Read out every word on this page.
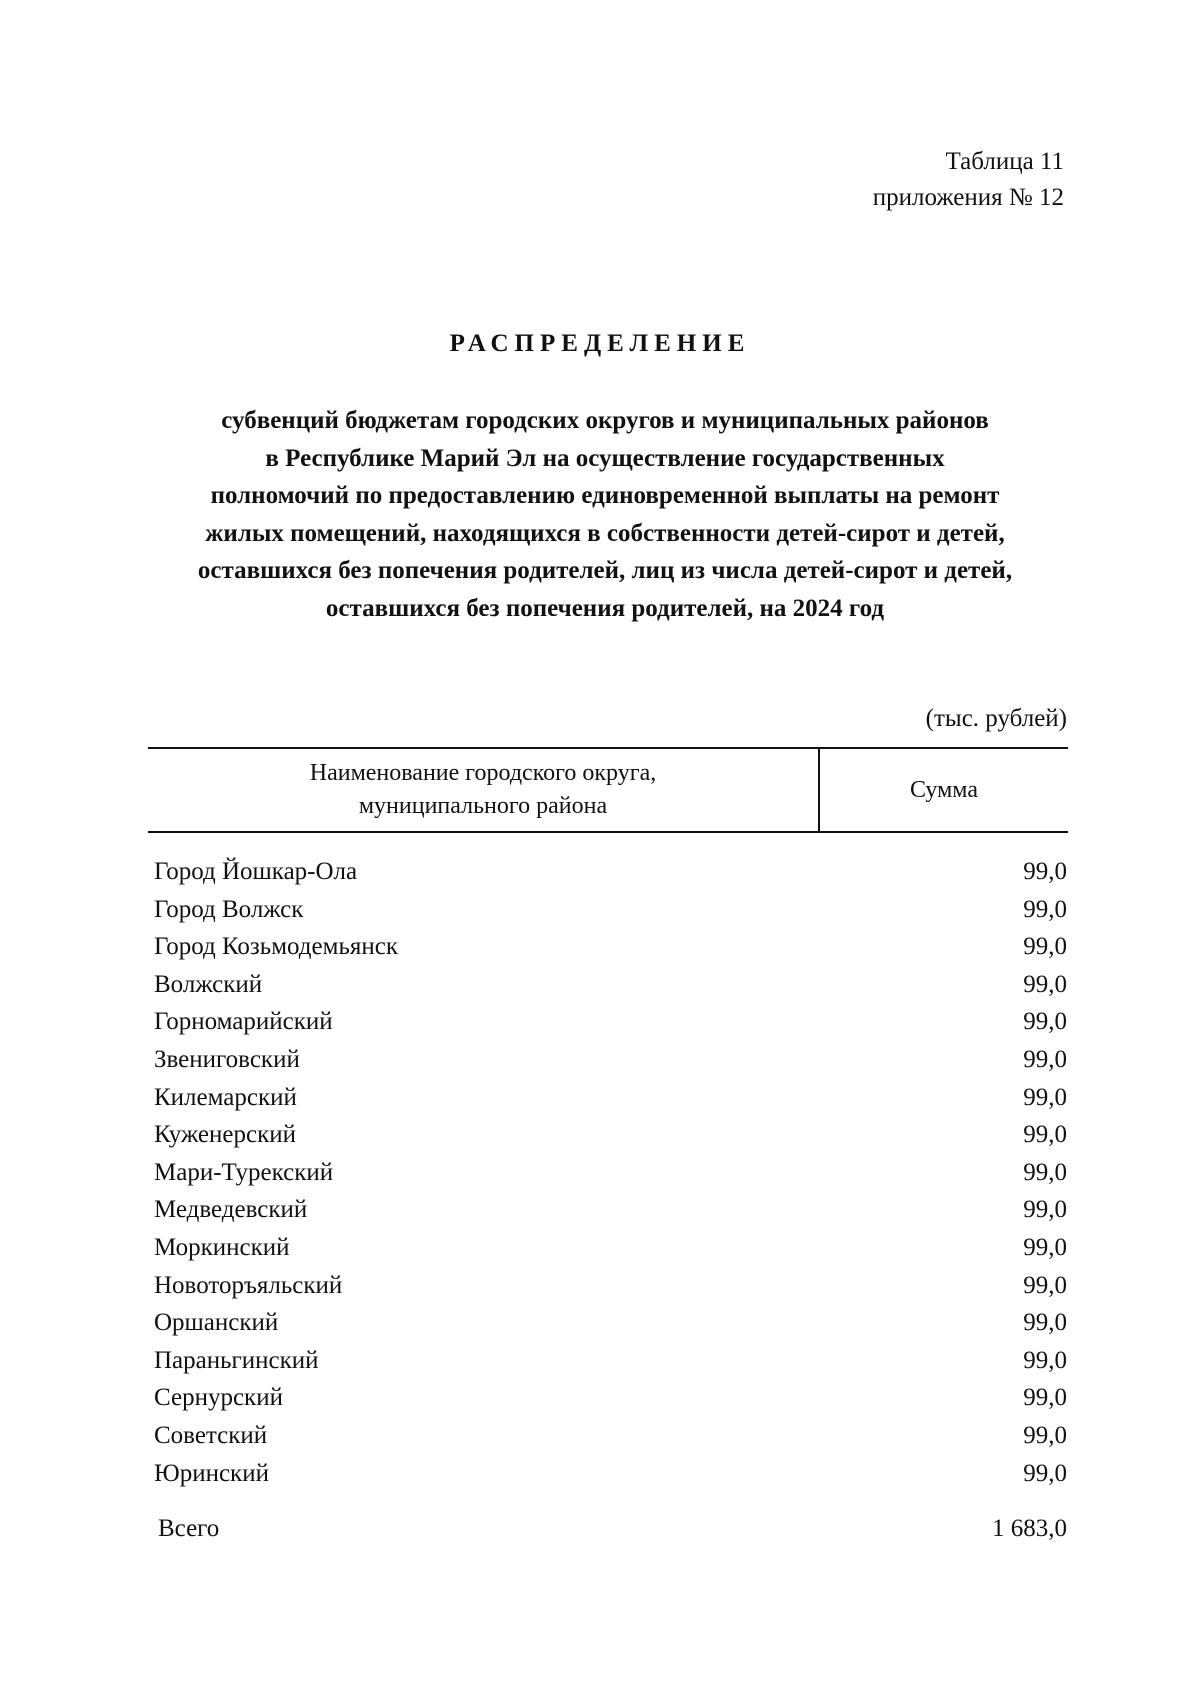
Таблица 11
приложения № 12
РАСПРЕДЕЛЕНИЕ
субвенций бюджетам городских округов и муниципальных районов
в Республике Марий Эл на осуществление государственных
полномочий по предоставлению единовременной выплаты на ремонт
жилых помещений, находящихся в собственности детей-сирот и детей,
оставшихся без попечения родителей, лиц из числа детей-сирот и детей,
оставшихся без попечения родителей, на 2024 год
(тыс. рублей)
Наименование городского округа,
муниципального района
Сумма
Город Йошкар-Ола	99,0
Город Волжск	99,0
Город Козьмодемьянск	99,0
Волжский	99,0
Горномарийский	99,0
Звениговский	99,0
Килемарский	99,0
Куженерский	99,0
Мари-Турекский	99,0
Медведевский	99,0
Моркинский	99,0
Новоторъяльский	99,0
Оршанский	99,0
Параньгинский	99,0
Сернурский	99,0
Советский	99,0
Юринский	99,0
Всего	1 683,0
